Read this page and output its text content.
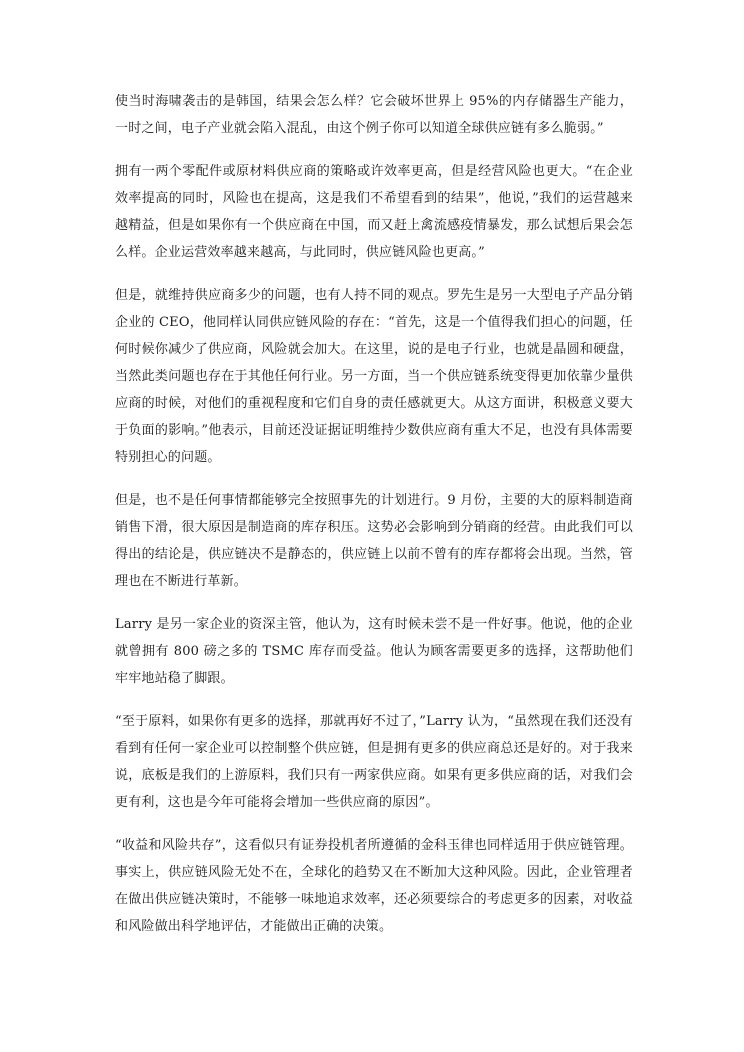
使当时海啸袭击的是韩国，结果会怎么样？它会破坏世界上 95%的内存储器生产能力，一时之间，电子产业就会陷入混乱，由这个例子你可以知道全球供应链有多么脆弱。”

拥有一两个零配件或原材料供应商的策略或许效率更高，但是经营风险也更大。“在企业效率提高的同时，风险也在提高，这是我们不希望看到的结果”，他说，”我们的运营越来越精益，但是如果你有一个供应商在中国，而又赶上禽流感疫情暴发，那么试想后果会怎么样。企业运营效率越来越高，与此同时，供应链风险也更高。”

但是，就维持供应商多少的问题，也有人持不同的观点。罗先生是另一大型电子产品分销企业的 CEO，他同样认同供应链风险的存在：“首先，这是一个值得我们担心的问题，任何时候你减少了供应商，风险就会加大。在这里，说的是电子行业，也就是晶圆和硬盘，当然此类问题也存在于其他任何行业。另一方面，当一个供应链系统变得更加依靠少量供应商的时候，对他们的重视程度和它们自身的责任感就更大。从这方面讲，积极意义要大于负面的影响。”他表示，目前还没证据证明维持少数供应商有重大不足，也没有具体需要特别担心的问题。

但是，也不是任何事情都能够完全按照事先的计划进行。9 月份，主要的大的原料制造商销售下滑，很大原因是制造商的库存积压。这势必会影响到分销商的经营。由此我们可以得出的结论是，供应链决不是静态的，供应链上以前不曾有的库存都将会出现。当然，管理也在不断进行革新。

Larry 是另一家企业的资深主管，他认为，这有时候未尝不是一件好事。他说，他的企业就曾拥有 800 磅之多的 TSMC 库存而受益。他认为顾客需要更多的选择，这帮助他们牢牢地站稳了脚跟。

“至于原料，如果你有更多的选择，那就再好不过了，”Larry 认为，“虽然现在我们还没有看到有任何一家企业可以控制整个供应链，但是拥有更多的供应商总还是好的。对于我来说，底板是我们的上游原料，我们只有一两家供应商。如果有更多供应商的话，对我们会更有利，这也是今年可能将会增加一些供应商的原因”。

“收益和风险共存”，这看似只有证券投机者所遵循的金科玉律也同样适用于供应链管理。事实上，供应链风险无处不在，全球化的趋势又在不断加大这种风险。因此，企业管理者在做出供应链决策时，不能够一味地追求效率，还必须要综合的考虑更多的因素，对收益和风险做出科学地评估，才能做出正确的决策。
